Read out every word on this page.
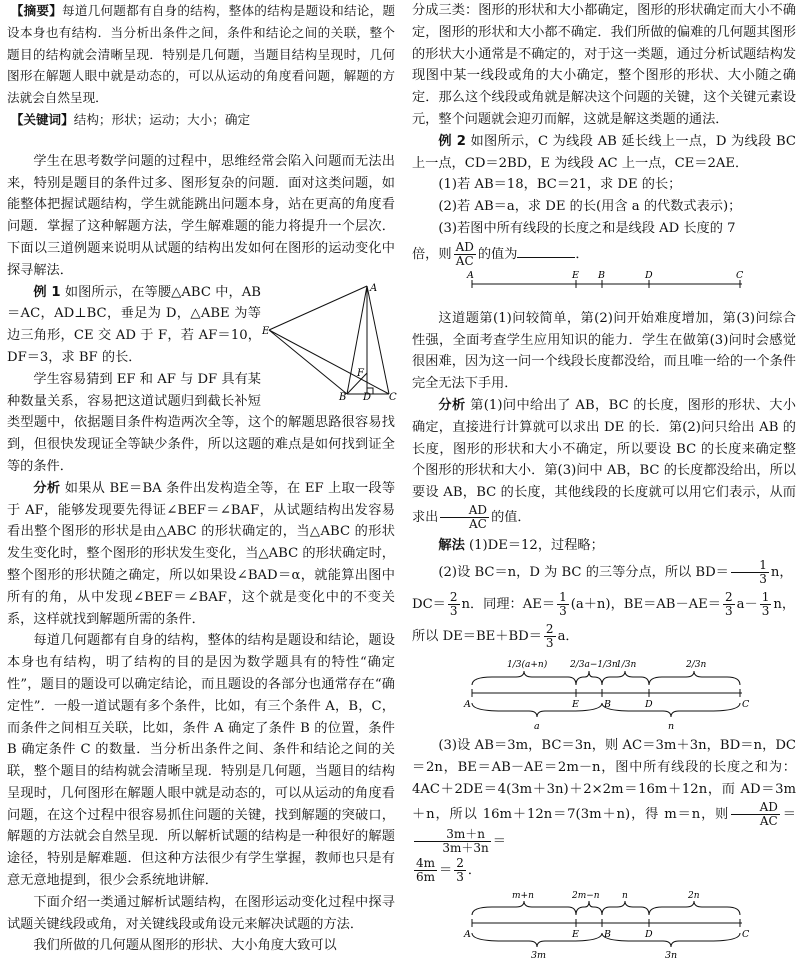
【摘要】每道几何题都有自身的结构，整体的结构是题设和结论，题设本身也有结构．当分析出条件之间，条件和结论之间的关联，整个题目的结构就会清晰呈现．特别是几何题，当题目结构呈现时，几何图形在解题人眼中就是动态的，可以从运动的角度看问题，解题的方法就会自然呈现．

【关键词】结构；形状；运动；大小；确定

学生在思考数学问题的过程中，思维经常会陷入问题而无法出来，特别是题目的条件过多、图形复杂的问题．面对这类问题，如能整体把握试题结构，学生就能跳出问题本身，站在更高的角度看问题．掌握了这种解题方法，学生解难题的能力将提升一个层次．下面以三道例题来说明从试题的结构出发如何在图形的运动变化中探寻解法．

A
E
F
B D C

例 1 如图所示，在等腰△ABC 中，AB＝AC，AD⊥BC，垂足为 D，△ABE 为等边三角形，CE 交 AD 于 F，若 AF＝10，DF＝3，求 BF 的长．

学生容易猜到 EF 和 AF 与 DF 具有某种数量关系，容易把这道试题归到截长补短类型题中，依据题目条件构造两次全等，这个的解题思路很容易找到，但很快发现证全等缺少条件，所以这题的难点是如何找到证全等的条件．

分析 如果从 BE＝BA 条件出发构造全等，在 EF 上取一段等于 AF，能够发现要先得证∠BEF＝∠BAF，从试题结构出发容易看出整个图形的形状是由△ABC 的形状确定的，当△ABC 的形状发生变化时，整个图形的形状发生变化，当△ABC 的形状确定时，整个图形的形状随之确定，所以如果设∠BAD＝α，就能算出图中所有的角，从中发现∠BEF＝∠BAF，这个就是变化中的不变关系，这样就找到解题所需的条件．

每道几何题都有自身的结构，整体的结构是题设和结论，题设本身也有结构，明了结构的目的是因为数学题具有的特性“确定性”，题目的题设可以确定结论，而且题设的各部分也通常存在“确定性”．一般一道试题有多个条件，比如，有三个条件 A，B，C，而条件之间相互关联，比如，条件 A 确定了条件 B 的位置，条件 B 确定条件 C 的数量．当分析出条件之间、条件和结论之间的关联，整个题目的结构就会清晰呈现．特别是几何题，当题目的结构呈现时，几何图形在解题人眼中就是动态的，可以从运动的角度看问题，在这个过程中很容易抓住问题的关键，找到解题的突破口，解题的方法就会自然呈现．所以解析试题的结构是一种很好的解题途径，特别是解难题．但这种方法很少有学生掌握，教师也只是有意无意地提到，很少会系统地讲解．

下面介绍一类通过解析试题结构，在图形运动变化过程中探寻试题关键线段或角，对关键线段或角设元来解决试题的方法．

我们所做的几何题从图形的形状、大小角度大致可以

分成三类：图形的形状和大小都确定，图形的形状确定而大小不确定，图形的形状和大小都不确定．我们所做的偏难的几何题其图形的形状大小通常是不确定的，对于这一类题，通过分析试题结构发现图中某一线段或角的大小确定，整个图形的形状、大小随之确定．那么这个线段或角就是解决这个问题的关键，这个关键元素设元，整个问题就会迎刃而解，这就是解这类题的通法．

例 2 如图所示，C 为线段 AB 延长线上一点，D 为线段 BC 上一点，CD＝2BD，E 为线段 AC 上一点，CE＝2AE．

(1)若 AB＝18，BC＝21，求 DE 的长；

(2)若 AB＝a，求 DE 的长(用含 a 的代数式表示)；

(3)若图中所有线段的长度之和是线段 AD 长度的 7

倍，则 $\frac{AD}{AC}$ 的值为	．

A	E B	D	C

这道题第(1)问较简单，第(2)问开始难度增加，第(3)问综合性强，全面考查学生应用知识的能力．学生在做第(3)问时会感觉很困难，因为这一问一个线段长度都没给，而且唯一给的一个条件完全无法下手用．

分析 第(1)问中给出了 AB，BC 的长度，图形的形状、大小确定，直接进行计算就可以求出 DE 的长．第(2)问只给出 AB 的长度，图形的形状和大小不确定，所以要设 BC 的长度来确定整个图形的形状和大小．第(3)问中 AB，BC 的长度都没给出，所以要设 AB，BC 的长度，其他线段的长度就可以用它们表示，从而求出 $\frac{AD}{AC}$ 的值．

解法 (1)DE＝12，过程略；

(2)设 BC＝n，D 为 BC 的三等分点，所以 $BD= \frac{1}{3}$ n，

$DC= \frac{2}{3}$ n．同理：$AE= \frac{1}{3} (a+n)$，$BE=AB-AE= \frac{2}{3} a- \frac{1}{3}$ n，

所以 $DE=BE+BD= \frac{2}{3}$ a．

1/3(a+n)	2/3a−1/3n
1/3n	2/3n
A	E	B	D	C
a	n

(3)设 AB＝3m，BC＝3n，则 AC＝3m＋3n，BD＝n，DC＝2n，BE＝AB－AE＝2m－n，图中所有线段的长度之和为：4AC＋2DE＝4(3m＋3n)＋2×2m＝16m＋12n，而 AD＝3m＋n，所以 16m＋12n＝7(3m＋n)，得 m＝n，则 $\frac{AD}{AC}$ ＝
$\frac{3m+n}{3m+3n}$ ＝

$\frac{4m}{6m} = \frac{2}{3}$ ．

m+n	2m−n n	2n
A	E	B	D	C
3m	3n
